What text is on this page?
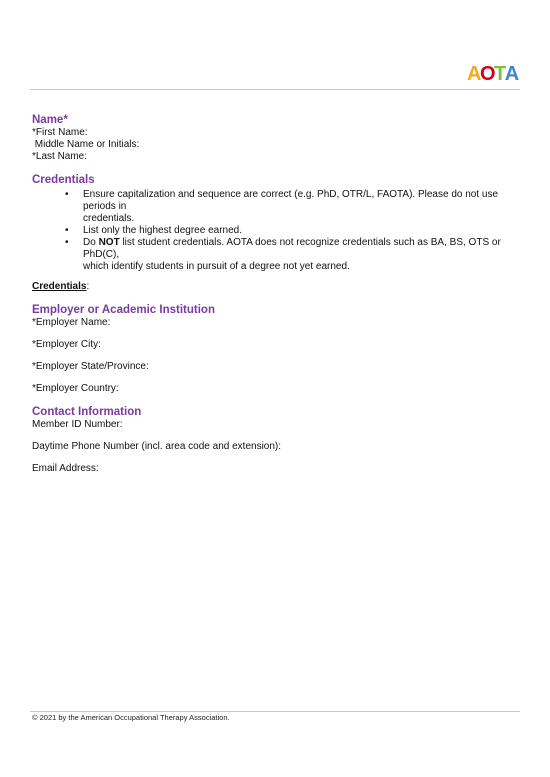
A O T A

Name*

*First Name:

Middle Name or Initials:

*Last Name:

Credentials

• Ensure capitalization and sequence are correct (e.g. PhD, OTR/L, FAOTA). Please do not use periods in
credentials.
• List only the highest degree earned.
• Do NOT list student credentials. AOTA does not recognize credentials such as BA, BS, OTS or PhD(C),
which identify students in pursuit of a degree not yet earned.

Credentials:

Employer or Academic Institution

*Employer Name:

*Employer City:

*Employer State/Province:

*Employer Country:

Contact Information

Member ID Number:

Daytime Phone Number (incl. area code and extension):

Email Address:

© 2021 by the American Occupational Therapy Association.
